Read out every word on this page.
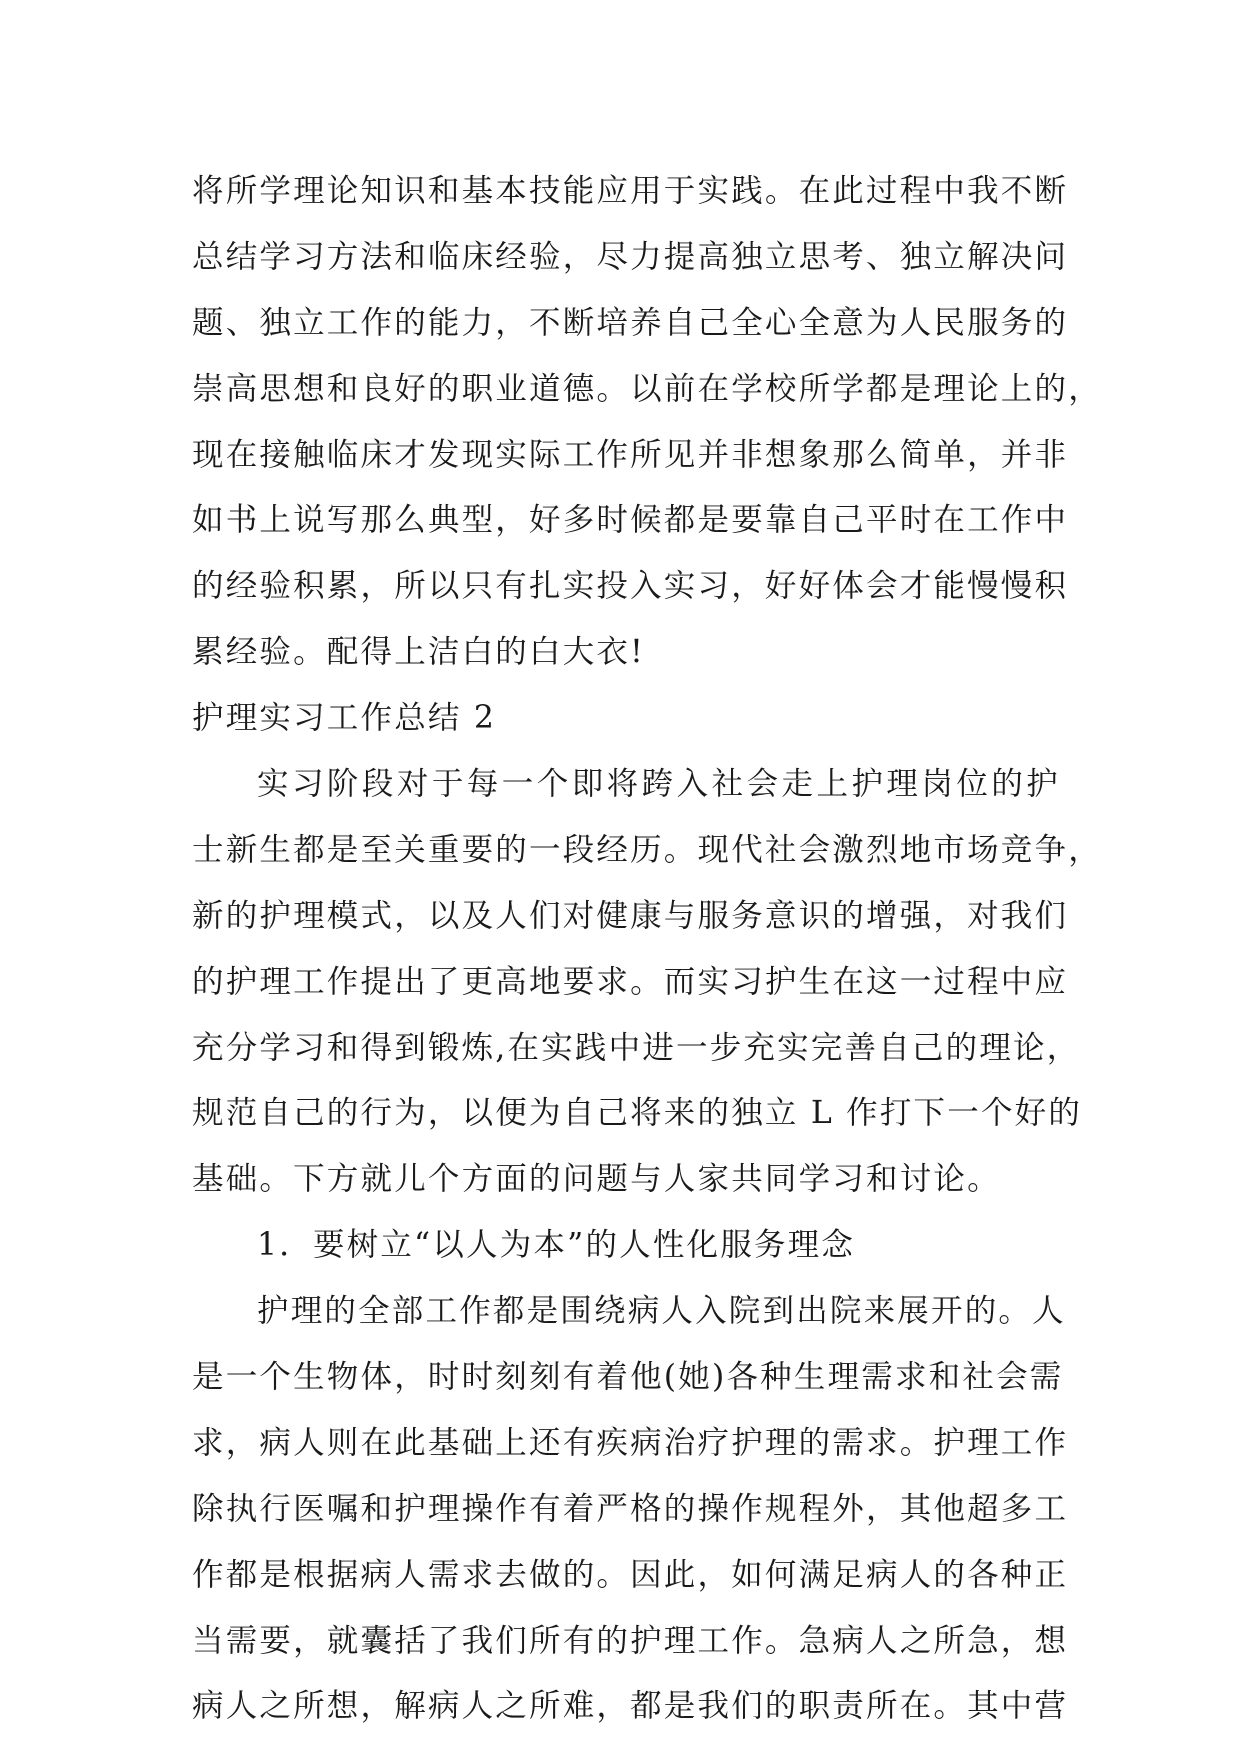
将所学理论知识和基本技能应用于实践。在此过程中我不断
总结学习方法和临床经验，尽力提高独立思考、独立解决问
题、独立工作的能力，不断培养自己全心全意为人民服务的
崇高思想和良好的职业道德。以前在学校所学都是理论上的，
现在接触临床才发现实际工作所见并非想象那么简单，并非
如书上说写那么典型，好多时候都是要靠自己平时在工作中
的经验积累，所以只有扎实投入实习，好好体会才能慢慢积
累经验。配得上洁白的白大衣!
护理实习工作总结 2
实习阶段对于每一个即将跨入社会走上护理岗位的护
士新生都是至关重要的一段经历。现代社会激烈地市场竞争，
新的护理模式，以及人们对健康与服务意识的增强，对我们
的护理工作提出了更高地要求。而实习护生在这一过程中应
充分学习和得到锻炼,在实践中进一步充实完善自己的理论，
规范自己的行为，以便为自己将来的独立 L 作打下一个好的
基础。下方就儿个方面的问题与人家共同学习和讨论。
1．要树立“以人为本”的人性化服务理念
护理的全部工作都是围绕病人入院到出院来展开的。人
是一个生物体，时时刻刻有着他(她)各种生理需求和社会需
求，病人则在此基础上还有疾病治疗护理的需求。护理工作
除执行医嘱和护理操作有着严格的操作规程外，其他超多工
作都是根据病人需求去做的。因此，如何满足病人的各种正
当需要，就囊括了我们所有的护理工作。急病人之所急，想
病人之所想，解病人之所难，都是我们的职责所在。其中营
